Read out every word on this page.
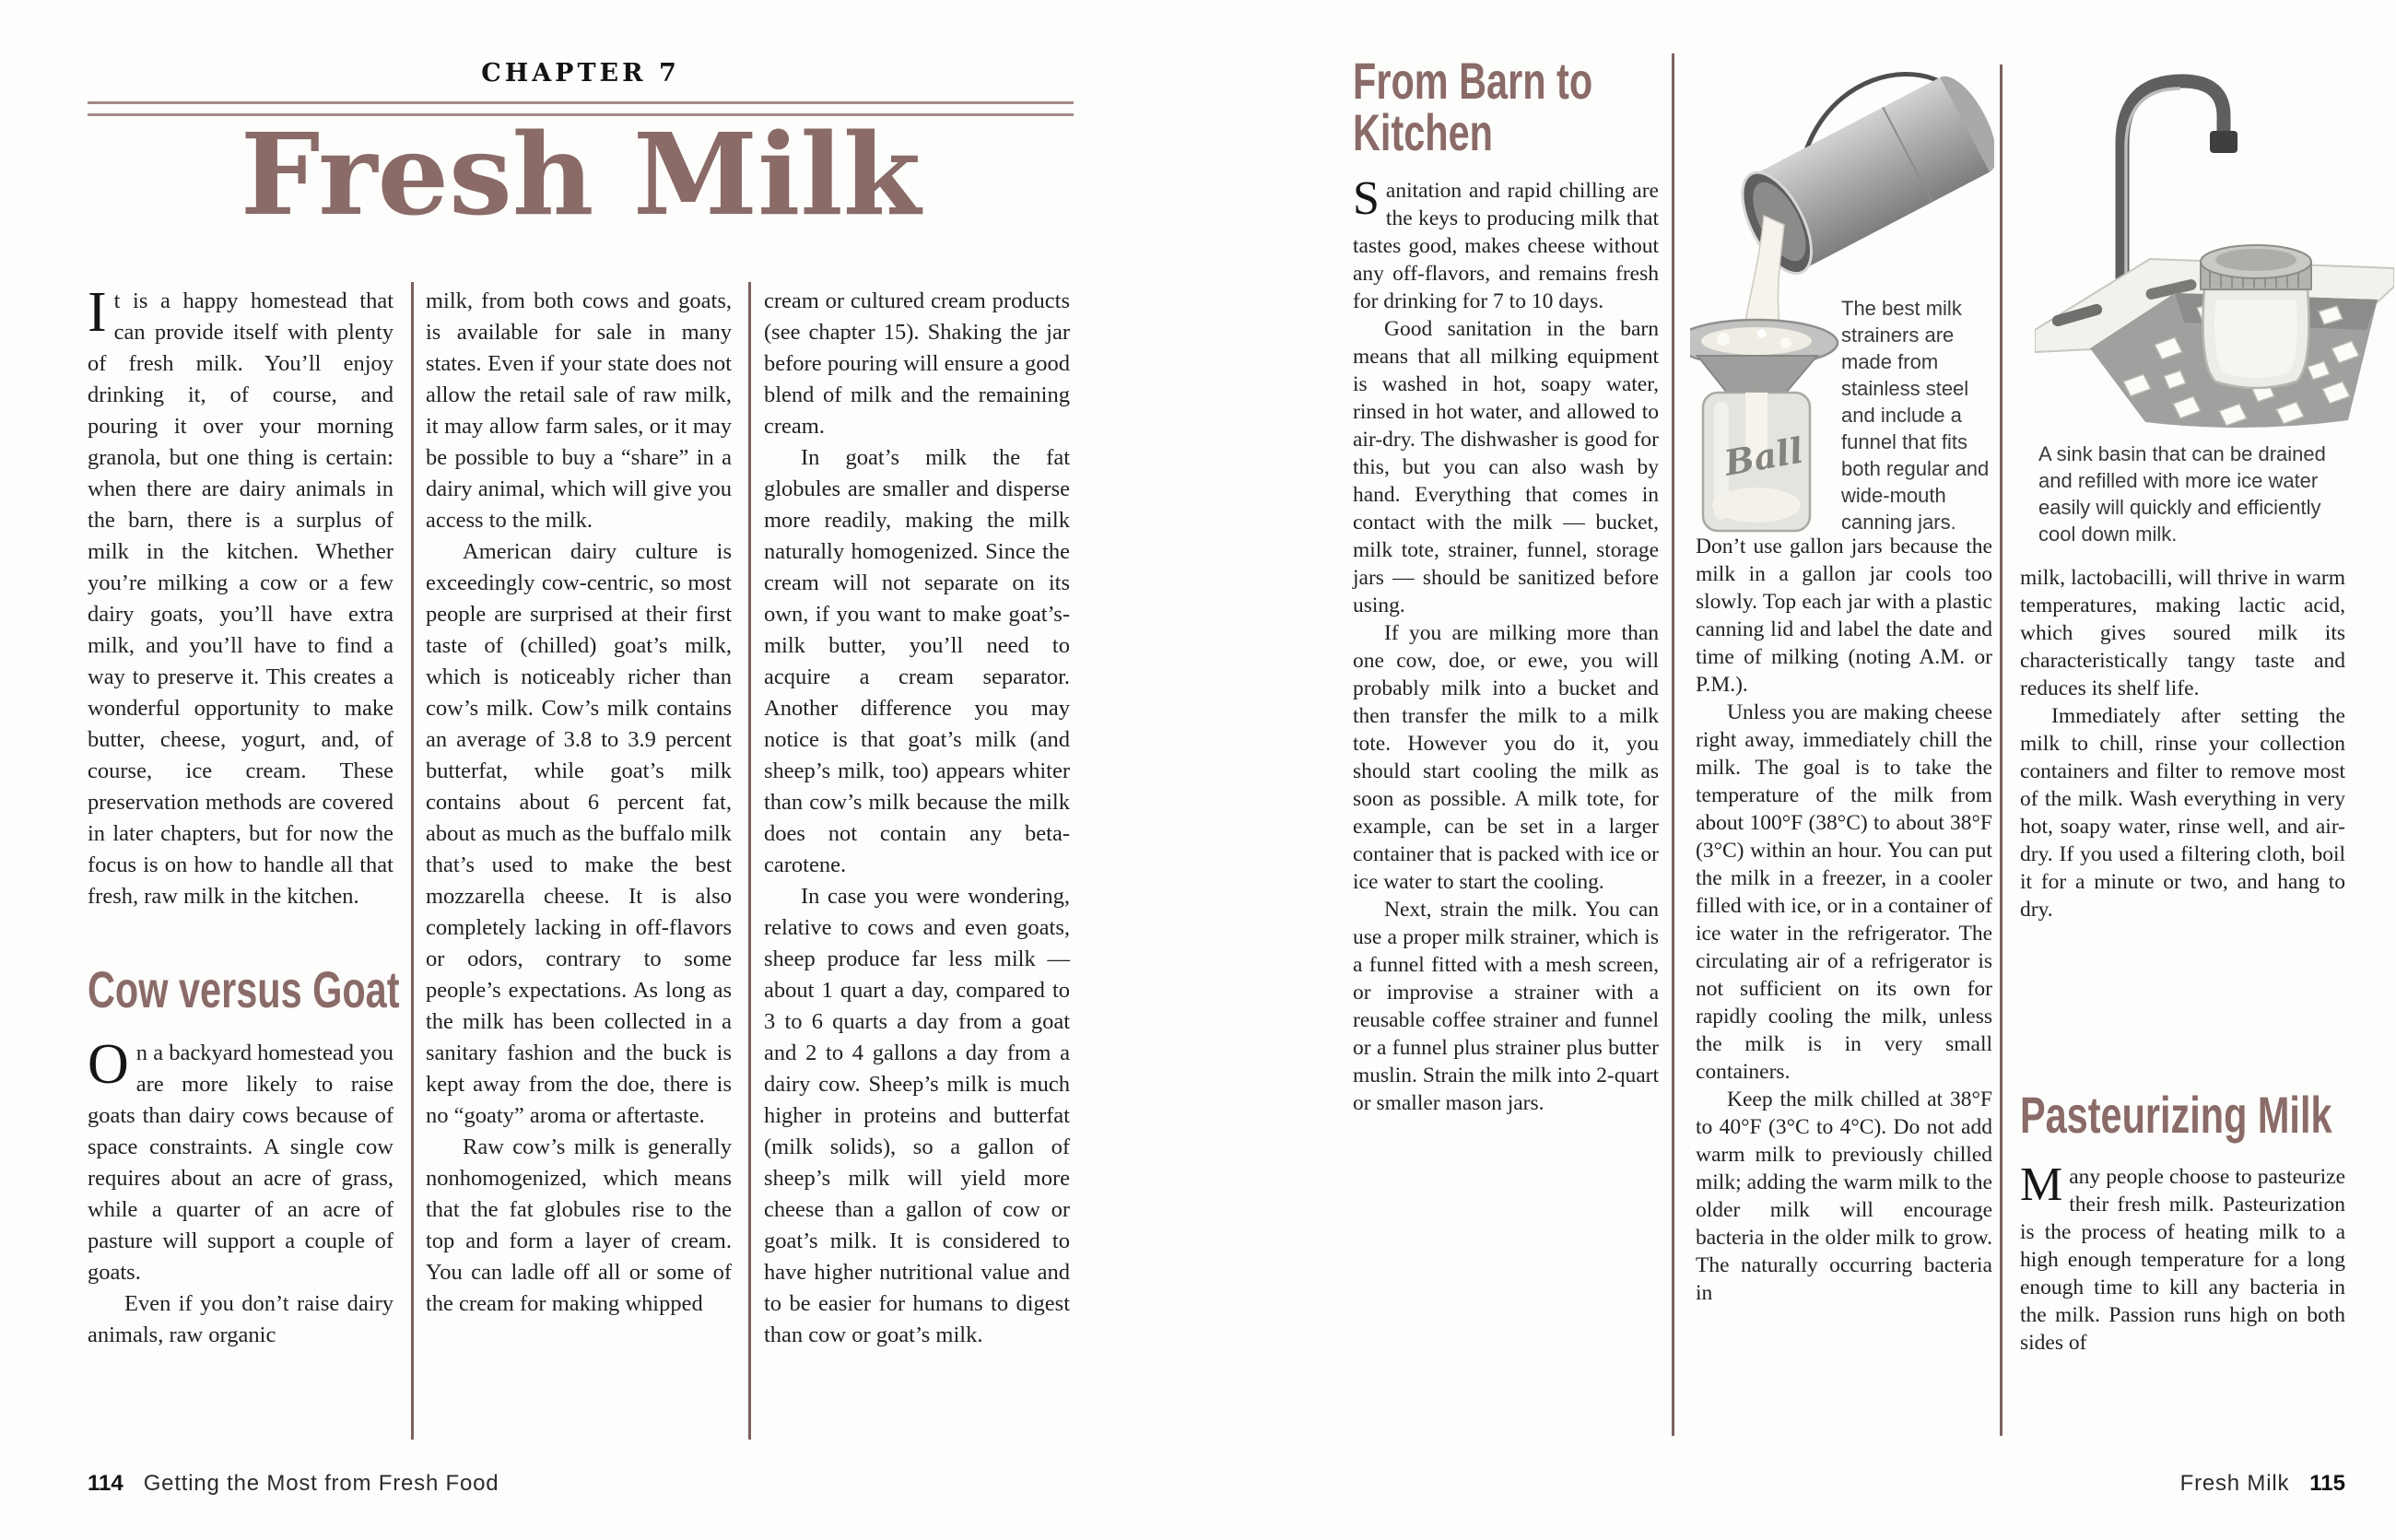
CHAPTER 7
Fresh Milk

It is a happy homestead that can provide itself with plenty of fresh milk. You’ll enjoy drinking it, of course, and pouring it over your morning granola, but one thing is certain: when there are dairy animals in the barn, there is a surplus of milk in the kitchen. Whether you’re milking a cow or a few dairy goats, you’ll have extra milk, and you’ll have to find a way to preserve it. This creates a wonderful opportunity to make butter, cheese, yogurt, and, of course, ice cream. These preservation methods are covered in later chapters, but for now the focus is on how to handle all that fresh, raw milk in the kitchen.

Cow versus Goat

On a backyard homestead you are more likely to raise goats than dairy cows because of space constraints. A single cow requires about an acre of grass, while a quarter of an acre of pasture will support a couple of goats.

Even if you don’t raise dairy animals, raw organic

milk, from both cows and goats, is available for sale in many states. Even if your state does not allow the retail sale of raw milk, it may allow farm sales, or it may be possible to buy a “share” in a dairy animal, which will give you access to the milk.

American dairy culture is exceedingly cow-centric, so most people are surprised at their first taste of (chilled) goat’s milk, which is noticeably richer than cow’s milk. Cow’s milk contains an average of 3.8 to 3.9 percent butterfat, while goat’s milk contains about 6 percent fat, about as much as the buffalo milk that’s used to make the best mozzarella cheese. It is also completely lacking in off-flavors or odors, contrary to some people’s expectations. As long as the milk has been collected in a sanitary fashion and the buck is kept away from the doe, there is no “goaty” aroma or aftertaste.

Raw cow’s milk is generally nonhomogenized, which means that the fat globules rise to the top and form a layer of cream. You can ladle off all or some of the cream for making whipped

cream or cultured cream products (see chapter 15). Shaking the jar before pouring will ensure a good blend of milk and the remaining cream.

In goat’s milk the fat globules are smaller and disperse more readily, making the milk naturally homogenized. Since the cream will not separate on its own, if you want to make goat’s-milk butter, you’ll need to acquire a cream separator. Another difference you may notice is that goat’s milk (and sheep’s milk, too) appears whiter than cow’s milk because the milk does not contain any beta-carotene.

In case you were wondering, relative to cows and even goats, sheep produce far less milk — about 1 quart a day, compared to 3 to 6 quarts a day from a goat and 2 to 4 gallons a day from a dairy cow. Sheep’s milk is much higher in proteins and butterfat (milk solids), so a gallon of sheep’s milk will yield more cheese than a gallon of cow or goat’s milk. It is considered to have higher nutritional value and to be easier for humans to digest than cow or goat’s milk.

114 Getting the Most from Fresh Food
From Barn to
Kitchen

Sanitation and rapid chilling are the keys to producing milk that tastes good, makes cheese without any off-flavors, and remains fresh for drinking for 7 to 10 days.

Good sanitation in the barn means that all milking equipment is washed in hot, soapy water, rinsed in hot water, and allowed to air-dry. The dishwasher is good for this, but you can also wash by hand. Everything that comes in contact with the milk — bucket, milk tote, strainer, funnel, storage jars — should be sanitized before using.

If you are milking more than one cow, doe, or ewe, you will probably milk into a bucket and then transfer the milk to a milk tote. However you do it, you should start cooling the milk as soon as possible. A milk tote, for example, can be set in a larger container that is packed with ice or ice water to start the cooling.

Next, strain the milk. You can use a proper milk strainer, which is a funnel fitted with a mesh screen, or improvise a strainer with a reusable coffee strainer and funnel or a funnel plus strainer plus butter muslin. Strain the milk into 2-quart or smaller mason jars.

Ball
The best milk strainers are made from stainless steel and include a funnel that fits both regular and wide-mouth canning jars.
A sink basin that can be drained and refilled with more ice water easily will quickly and efficiently cool down milk.

Don’t use gallon jars because the milk in a gallon jar cools too slowly. Top each jar with a plastic canning lid and label the date and time of milking (noting A.M. or P.M.).

Unless you are making cheese right away, immediately chill the milk. The goal is to take the temperature of the milk from about 100°F (38°C) to about 38°F (3°C) within an hour. You can put the milk in a freezer, in a cooler filled with ice, or in a container of ice water in the refrigerator. The circulating air of a refrigerator is not sufficient on its own for rapidly cooling the milk, unless the milk is in very small containers.

Keep the milk chilled at 38°F to 40°F (3°C to 4°C). Do not add warm milk to previously chilled milk; adding the warm milk to the older milk will encourage bacteria in the older milk to grow. The naturally occurring bacteria in

milk, lactobacilli, will thrive in warm temperatures, making lactic acid, which gives soured milk its characteristically tangy taste and reduces its shelf life.

Immediately after setting the milk to chill, rinse your collection containers and filter to remove most of the milk. Wash everything in very hot, soapy water, rinse well, and air-dry. If you used a filtering cloth, boil it for a minute or two, and hang to dry.

Pasteurizing Milk

Many people choose to pasteurize their fresh milk. Pasteurization is the process of heating milk to a high enough temperature for a long enough time to kill any bacteria in the milk. Passion runs high on both sides of

Fresh Milk 115
